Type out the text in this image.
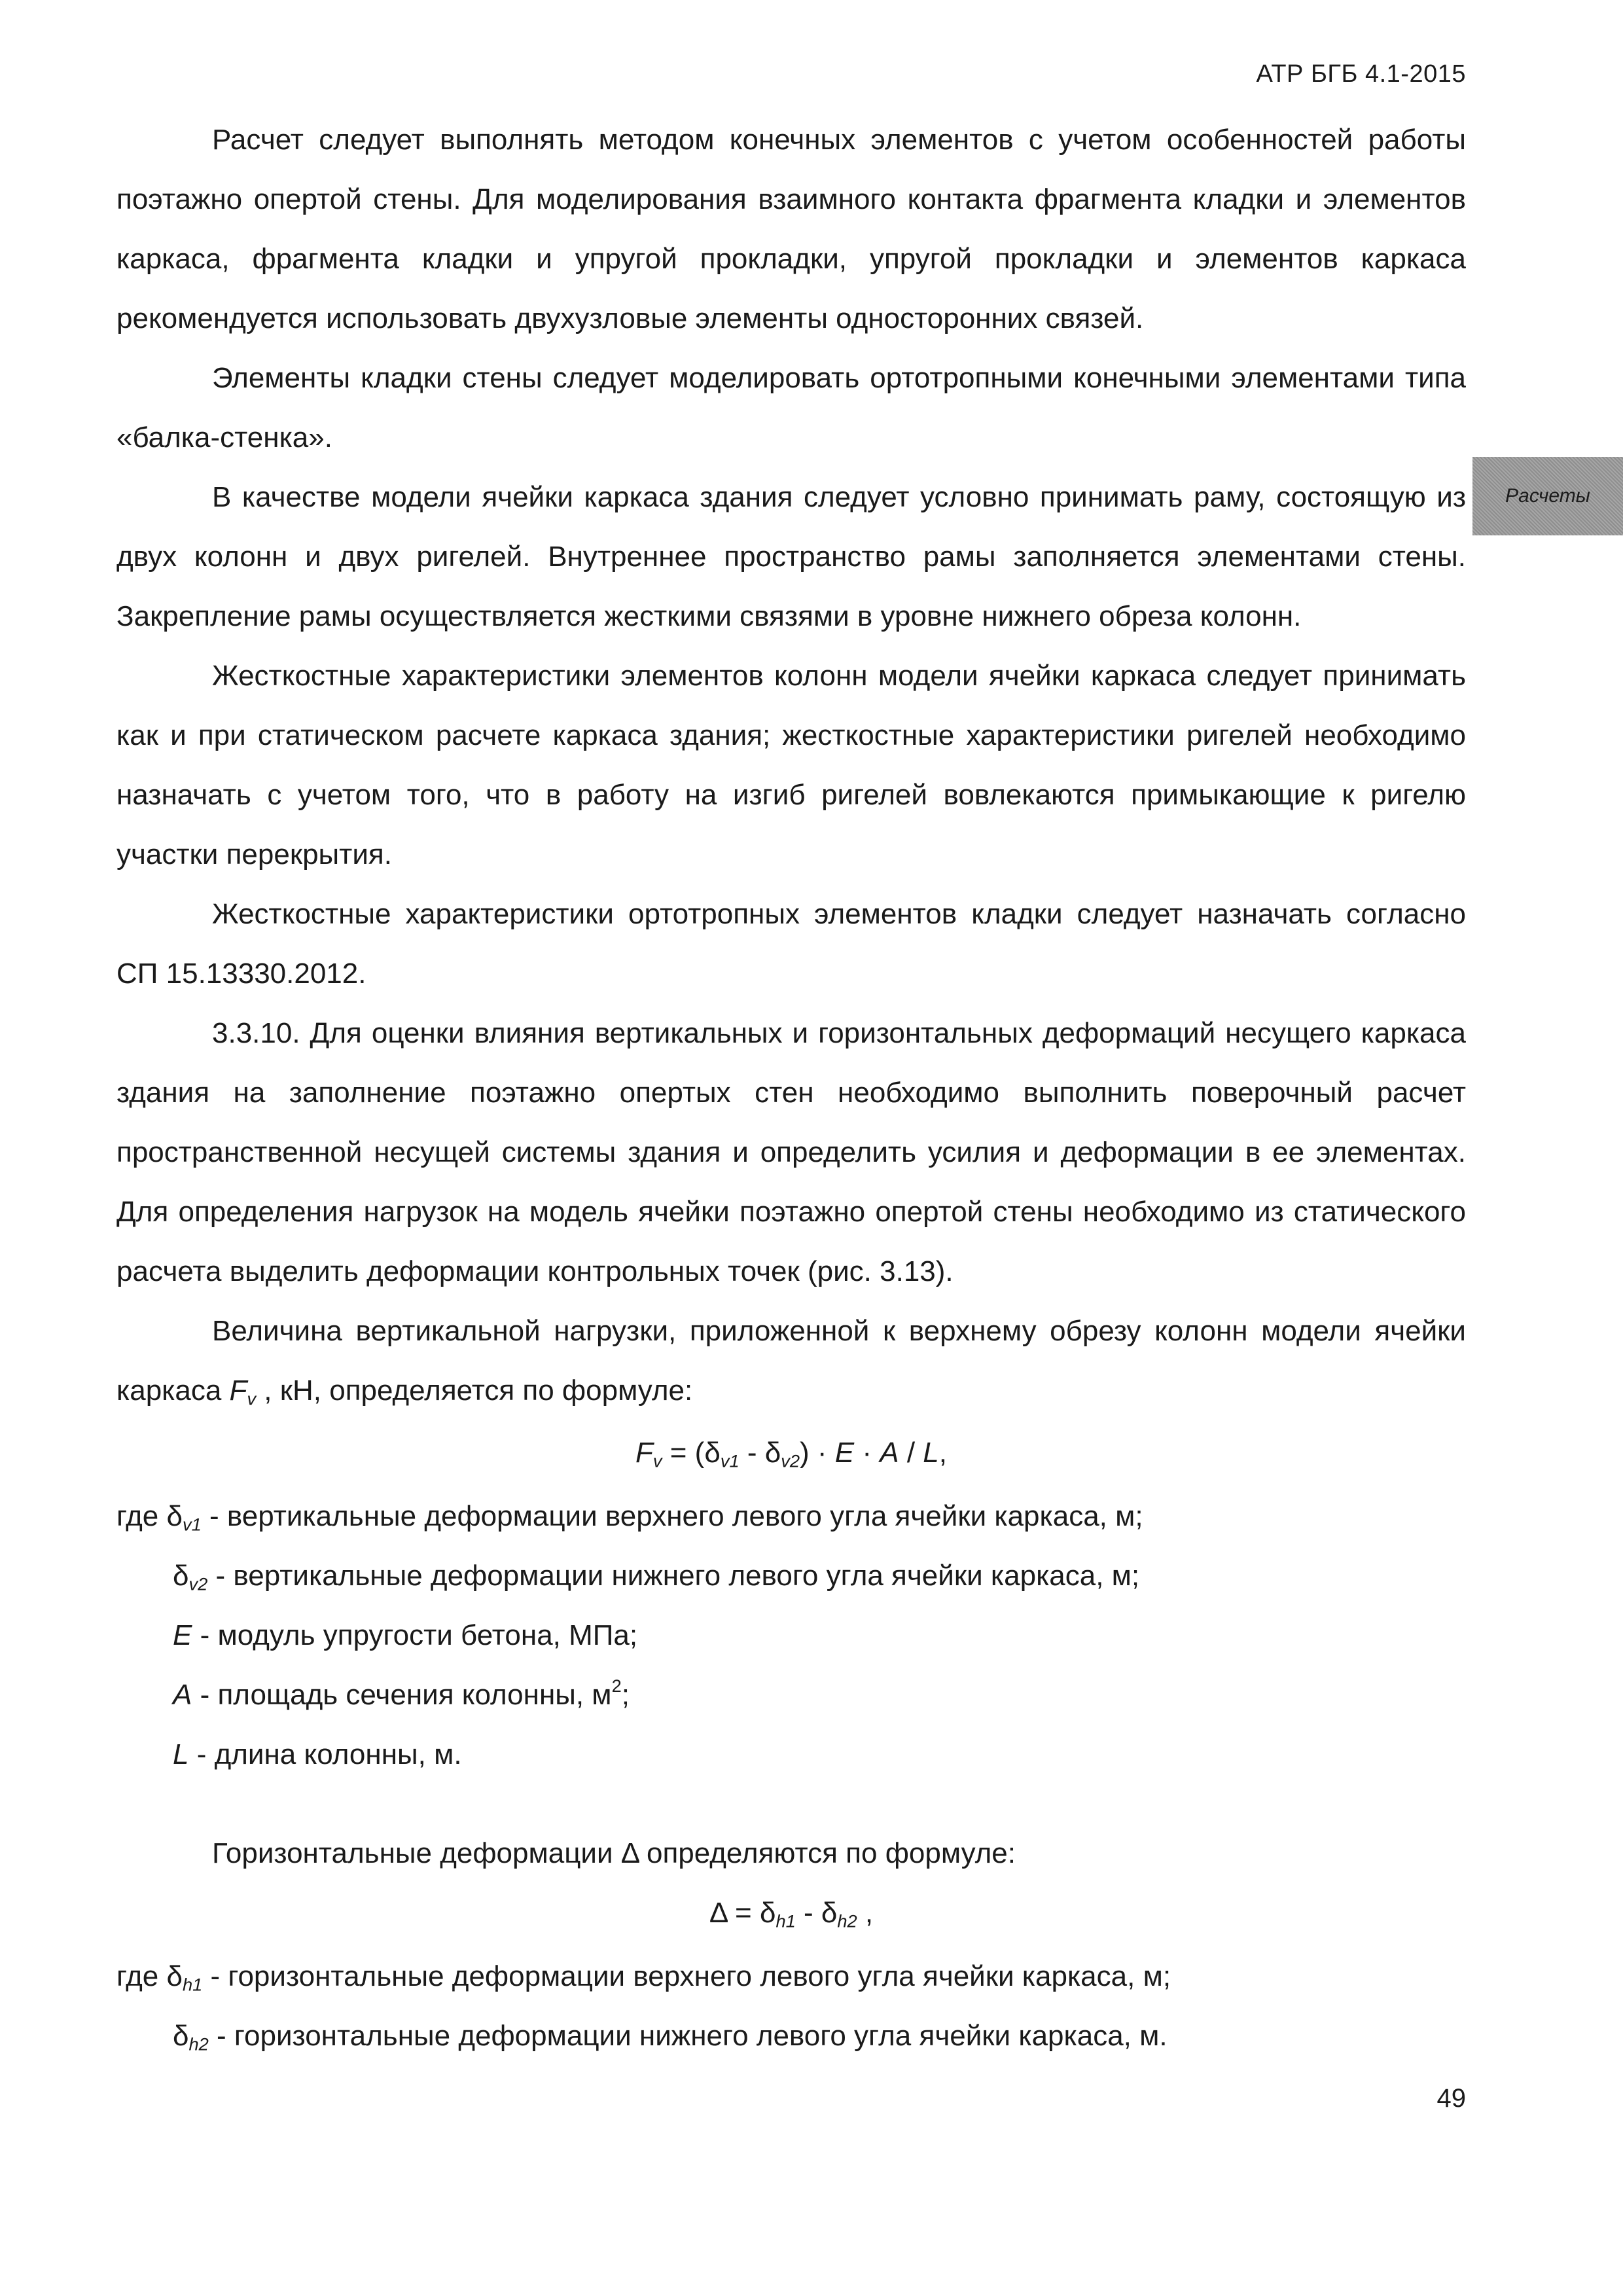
АТР БГБ 4.1-2015
Расчеты

Расчет следует выполнять методом конечных элементов с учетом особенностей работы поэтажно опертой стены. Для моделирования взаимного контакта фрагмента кладки и элементов каркаса, фрагмента кладки и упругой прокладки, упругой прокладки и элементов каркаса рекомендуется использовать двухузловые элементы односторонних связей.

Элементы кладки стены следует моделировать ортотропными конечными элементами типа «балка-стенка».

В качестве модели ячейки каркаса здания следует условно принимать раму, состоящую из двух колонн и двух ригелей. Внутреннее пространство рамы заполняется элементами стены. Закрепление рамы осуществляется жесткими связями в уровне нижнего обреза колонн.

Жесткостные характеристики элементов колонн модели ячейки каркаса следует принимать как и при статическом расчете каркаса здания; жесткостные характеристики ригелей необходимо назначать с учетом того, что в работу на изгиб ригелей вовлекаются примыкающие к ригелю участки перекрытия.

Жесткостные характеристики ортотропных элементов кладки следует назначать согласно СП 15.13330.2012.

3.3.10. Для оценки влияния вертикальных и горизонтальных деформаций несущего каркаса здания на заполнение поэтажно опертых стен необходимо выполнить поверочный расчет пространственной несущей системы здания и определить усилия и деформации в ее элементах. Для определения нагрузок на модель ячейки поэтажно опертой стены необходимо из статического расчета выделить деформации контрольных точек (рис. 3.13).

Величина вертикальной нагрузки, приложенной к верхнему обрезу колонн модели ячейки каркаса $F_v$ , кН, определяется по формуле:

$F_v = (\delta_{v1} - \delta_{v2}) \cdot E \cdot A / L$,

где $\delta_{v1}$ - вертикальные деформации верхнего левого угла ячейки каркаса, м;

$\delta_{v2}$ - вертикальные деформации нижнего левого угла ячейки каркаса, м;

E - модуль упругости бетона, МПа;

A - площадь сечения колонны, $м^2$;

L - длина колонны, м.

Горизонтальные деформации Δ определяются по формуле:

$\Delta = \delta_{h1} - \delta_{h2}$ ,

где $\delta_{h1}$ - горизонтальные деформации верхнего левого угла ячейки каркаса, м;

$\delta_{h2}$ - горизонтальные деформации нижнего левого угла ячейки каркаса, м.

49
